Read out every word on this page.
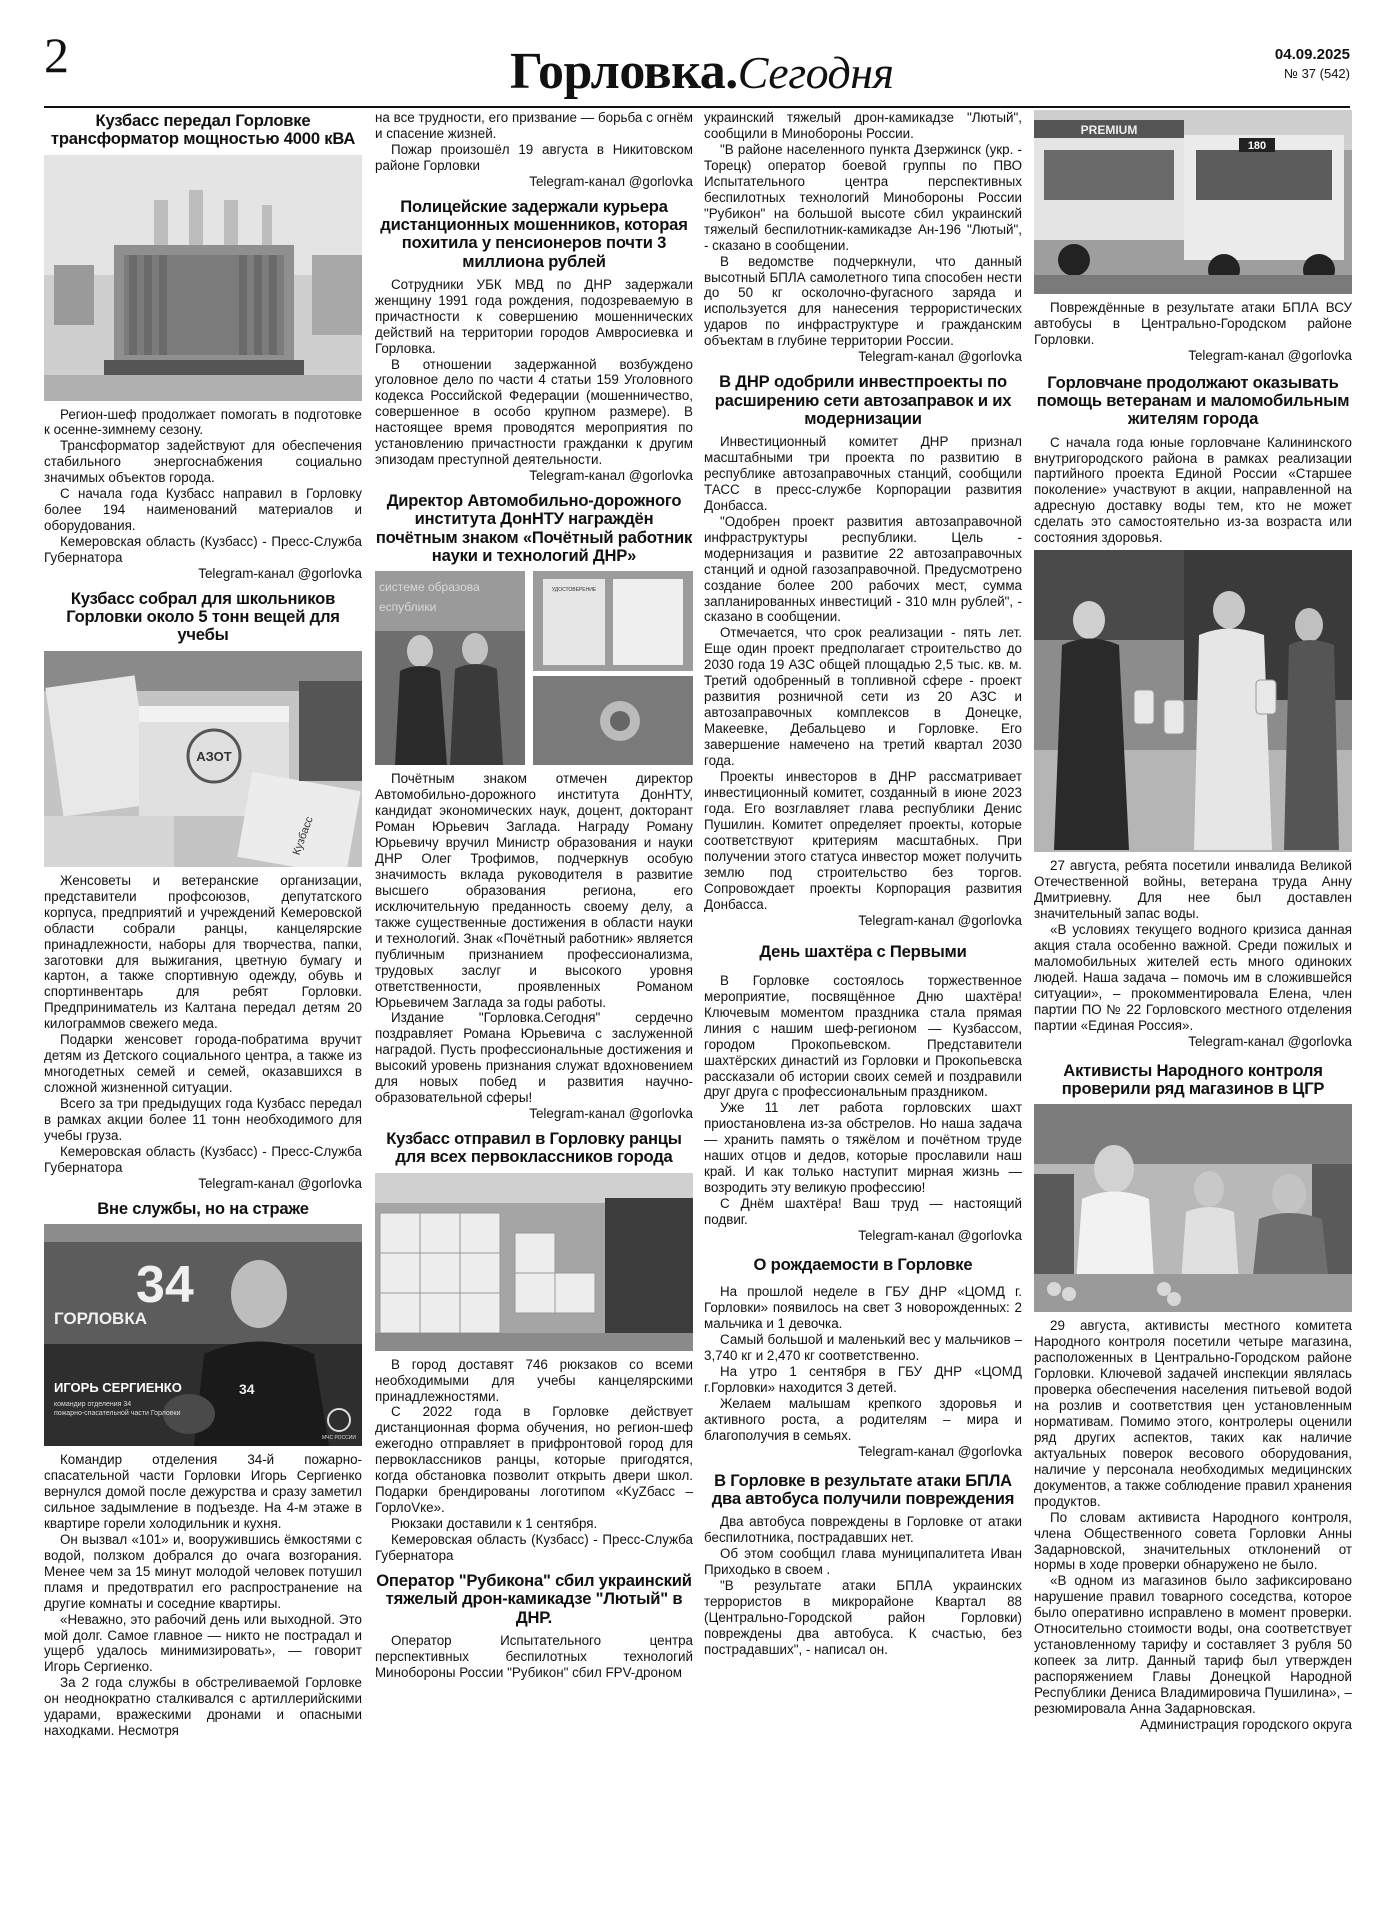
2	Горловка.Сегодня	04.09.2025
№ 37 (542)
Кузбасс передал Горловке трансформатор мощностью 4000 кВА

Регион-шеф продолжает помогать в подготовке к осенне-зимнему сезону.

Трансформатор задействуют для обеспечения стабильного энергоснабжения социально значимых объектов города.

С начала года Кузбасс направил в Горловку более 194 наименований материалов и оборудования.

Кемеровская область (Кузбасс) - Пресс-Служба Губернатора

Telegram-канал @gorlovka

Кузбасс собрал для школьников Горловки около 5 тонн вещей для учебы
АЗОТ
Кузбасс

Женсоветы и ветеранские организации, представители профсоюзов, депутатского корпуса, предприятий и учреждений Кемеровской области собрали ранцы, канцелярские принадлежности, наборы для творчества, папки, заготовки для выжигания, цветную бумагу и картон, а также спортивную одежду, обувь и спортинвентарь для ребят Горловки. Предприниматель из Калтана передал детям 20 килограммов свежего меда.

Подарки женсовет города-побратима вручит детям из Детского социального центра, а также из многодетных семей и семей, оказавшихся в сложной жизненной ситуации.

Всего за три предыдущих года Кузбасс передал в рамках акции более 11 тонн необходимого для учебы груза.

Кемеровская область (Кузбасс) - Пресс-Служба Губернатора

Telegram-канал @gorlovka

Вне службы, но на страже
34
ГОРЛОВКА
34
ИГОРЬ СЕРГИЕНКО
командир отделения 34
пожарно-спасательной части Горловки
МЧС РОССИИ

Командир отделения 34-й пожарно-спасательной части Горловки Игорь Сергиенко вернулся домой после дежурства и сразу заметил сильное задымление в подъезде. На 4-м этаже в квартире горели холодильник и кухня.

Он вызвал «101» и, вооружившись ёмкостями с водой, ползком добрался до очага возгорания. Менее чем за 15 минут молодой человек потушил пламя и предотвратил его распространение на другие комнаты и соседние квартиры.

«Неважно, это рабочий день или выходной. Это мой долг. Самое главное — никто не пострадал и ущерб удалось минимизировать», — говорит Игорь Сергиенко.

За 2 года службы в обстреливаемой Горловке он неоднократно сталкивался с артиллерийскими ударами, вражескими дронами и опасными находками. Несмотря

на все трудности, его призвание — борьба с огнём и спасение жизней.

Пожар произошёл 19 августа в Никитовском районе Горловки

Telegram-канал @gorlovka

Полицейские задержали курьера дистанционных мошенников, которая похитила у пенсионеров почти 3 миллиона рублей

Сотрудники УБК МВД по ДНР задержали женщину 1991 года рождения, подозреваемую в причастности к совершению мошеннических действий на территории городов Амвросиевка и Горловка.

В отношении задержанной возбуждено уголовное дело по части 4 статьи 159 Уголовного кодекса Российской Федерации (мошенничество, совершенное в особо крупном размере). В настоящее время проводятся мероприятия по установлению причастности гражданки к другим эпизодам преступной деятельности.

Telegram-канал @gorlovka

Директор Автомобильно-дорожного института ДонНТУ награждён почётным знаком «Почётный работник науки и технологий ДНР»
системе образова
еспублики
УДОСТОВЕРЕНИЕ

Почётным знаком отмечен директор Автомобильно-дорожного института ДонНТУ, кандидат экономических наук, доцент, докторант Роман Юрьевич Заглада. Награду Роману Юрьевичу вручил Министр образования и науки ДНР Олег Трофимов, подчеркнув особую значимость вклада руководителя в развитие высшего образования региона, его исключительную преданность своему делу, а также существенные достижения в области науки и технологий. Знак «Почётный работник» является публичным признанием профессионализма, трудовых заслуг и высокого уровня ответственности, проявленных Романом Юрьевичем Заглада за годы работы.

Издание "Горловка.Сегодня" сердечно поздравляет Романа Юрьевича с заслуженной наградой. Пусть профессиональные достижения и высокий уровень признания служат вдохновением для новых побед и развития научно-образовательной сферы!

Telegram-канал @gorlovka

Кузбасс отправил в Горловку ранцы для всех первоклассников города

В город доставят 746 рюкзаков со всеми необходимыми для учебы канцелярскими принадлежностями.

С 2022 года в Горловке действует дистанционная форма обучения, но регион-шеф ежегодно отправляет в прифронтовой город для первоклассников ранцы, которые пригодятся, когда обстановка позволит открыть двери школ. Подарки брендированы логотипом «KyZбасс – ГорлоVке».

Рюкзаки доставили к 1 сентября.

Кемеровская область (Кузбасс) - Пресс-Служба Губернатора

Оператор "Рубикона" сбил украинский тяжелый дрон-камикадзе "Лютый" в ДНР.

Оператор Испытательного центра перспективных беспилотных технологий Минобороны России "Рубикон" сбил FPV-дроном

украинский тяжелый дрон-камикадзе "Лютый", сообщили в Минобороны России.

"В районе населенного пункта Дзержинск (укр. - Торецк) оператор боевой группы по ПВО Испытательного центра перспективных беспилотных технологий Минобороны России "Рубикон" на большой высоте сбил украинский тяжелый беспилотник-камикадзе Ан-196 "Лютый", - сказано в сообщении.

В ведомстве подчеркнули, что данный высотный БПЛА самолетного типа способен нести до 50 кг осколочно-фугасного заряда и используется для нанесения террористических ударов по инфраструктуре и гражданским объектам в глубине территории России.

Telegram-канал @gorlovka

В ДНР одобрили инвестпроекты по расширению сети автозаправок и их модернизации

Инвестиционный комитет ДНР признал масштабными три проекта по развитию в республике автозаправочных станций, сообщили ТАСС в пресс-службе Корпорации развития Донбасса.

"Одобрен проект развития автозаправочной инфраструктуры республики. Цель - модернизация и развитие 22 автозаправочных станций и одной газозаправочной. Предусмотрено создание более 200 рабочих мест, сумма запланированных инвестиций - 310 млн рублей", - сказано в сообщении.

Отмечается, что срок реализации - пять лет. Еще один проект предполагает строительство до 2030 года 19 АЗС общей площадью 2,5 тыс. кв. м. Третий одобренный в топливной сфере - проект развития розничной сети из 20 АЗС и автозаправочных комплексов в Донецке, Макеевке, Дебальцево и Горловке. Его завершение намечено на третий квартал 2030 года.

Проекты инвесторов в ДНР рассматривает инвестиционный комитет, созданный в июне 2023 года. Его возглавляет глава республики Денис Пушилин. Комитет определяет проекты, которые соответствуют критериям масштабных. При получении этого статуса инвестор может получить землю под строительство без торгов. Сопровождает проекты Корпорация развития Донбасса.

Telegram-канал @gorlovka

День шахтёра с Первыми

В Горловке состоялось торжественное мероприятие, посвящённое Дню шахтёра! Ключевым моментом праздника стала прямая линия с нашим шеф-регионом — Кузбассом, городом Прокопьевском. Представители шахтёрских династий из Горловки и Прокопьевска рассказали об истории своих семей и поздравили друг друга с профессиональным праздником.

Уже 11 лет работа горловских шахт приостановлена из-за обстрелов. Но наша задача — хранить память о тяжёлом и почётном труде наших отцов и дедов, которые прославили наш край. И как только наступит мирная жизнь — возродить эту великую профессию!

С Днём шахтёра! Ваш труд — настоящий подвиг.

Telegram-канал @gorlovka

О рождаемости в Горловке

На прошлой неделе в ГБУ ДНР «ЦОМД г. Горловки» появилось на свет 3 новорожденных: 2 мальчика и 1 девочка.

Самый большой и маленький вес у мальчиков – 3,740 кг и 2,470 кг соответственно.

На утро 1 сентября в ГБУ ДНР «ЦОМД г.Горловки» находится 3 детей.

Желаем малышам крепкого здоровья и активного роста, а родителям – мира и благополучия в семьях.

Telegram-канал @gorlovka

В Горловке в результате атаки БПЛА два автобуса получили повреждения

Два автобуса повреждены в Горловке от атаки беспилотника, пострадавших нет.

Об этом сообщил глава муниципалитета Иван Приходько в своем .

"В результате атаки БПЛА украинских террористов в микрорайоне Квартал 88 (Центрально-Городской район Горловки) повреждены два автобуса. К счастью, без пострадавших", - написал он.

PREMIUM
180

Повреждённые в результате атаки БПЛА ВСУ автобусы в Центрально-Городском районе Горловки.

Telegram-канал @gorlovka

Горловчане продолжают оказывать помощь ветеранам и маломобильным жителям города

С начала года юные горловчане Калининского внутригородского района в рамках реализации партийного проекта Единой России «Старшее поколение» участвуют в акции, направленной на адресную доставку воды тем, кто не может сделать это самостоятельно из-за возраста или состояния здоровья.

27 августа, ребята посетили инвалида Великой Отечественной войны, ветерана труда Анну Дмитриевну. Для нее был доставлен значительный запас воды.

«В условиях текущего водного кризиса данная акция стала особенно важной. Среди пожилых и маломобильных жителей есть много одиноких людей. Наша задача – помочь им в сложившейся ситуации», – прокомментировала Елена, член партии ПО № 22 Горловского местного отделения партии «Единая Россия».

Telegram-канал @gorlovka

Активисты Народного контроля проверили ряд магазинов в ЦГР

29 августа, активисты местного комитета Народного контроля посетили четыре магазина, расположенных в Центрально-Городском районе Горловки. Ключевой задачей инспекции являлась проверка обеспечения населения питьевой водой на розлив и соответствия цен установленным нормативам. Помимо этого, контролеры оценили ряд других аспектов, таких как наличие актуальных поверок весового оборудования, наличие у персонала необходимых медицинских документов, а также соблюдение правил хранения продуктов.

По словам активиста Народного контроля, члена Общественного совета Горловки Анны Задарновской, значительных отклонений от нормы в ходе проверки обнаружено не было.

«В одном из магазинов было зафиксировано нарушение правил товарного соседства, которое было оперативно исправлено в момент проверки. Относительно стоимости воды, она соответствует установленному тарифу и составляет 3 рубля 50 копеек за литр. Данный тариф был утвержден распоряжением Главы Донецкой Народной Республики Дениса Владимировича Пушилина», – резюмировала Анна Задарновская.

Администрация городского округа
